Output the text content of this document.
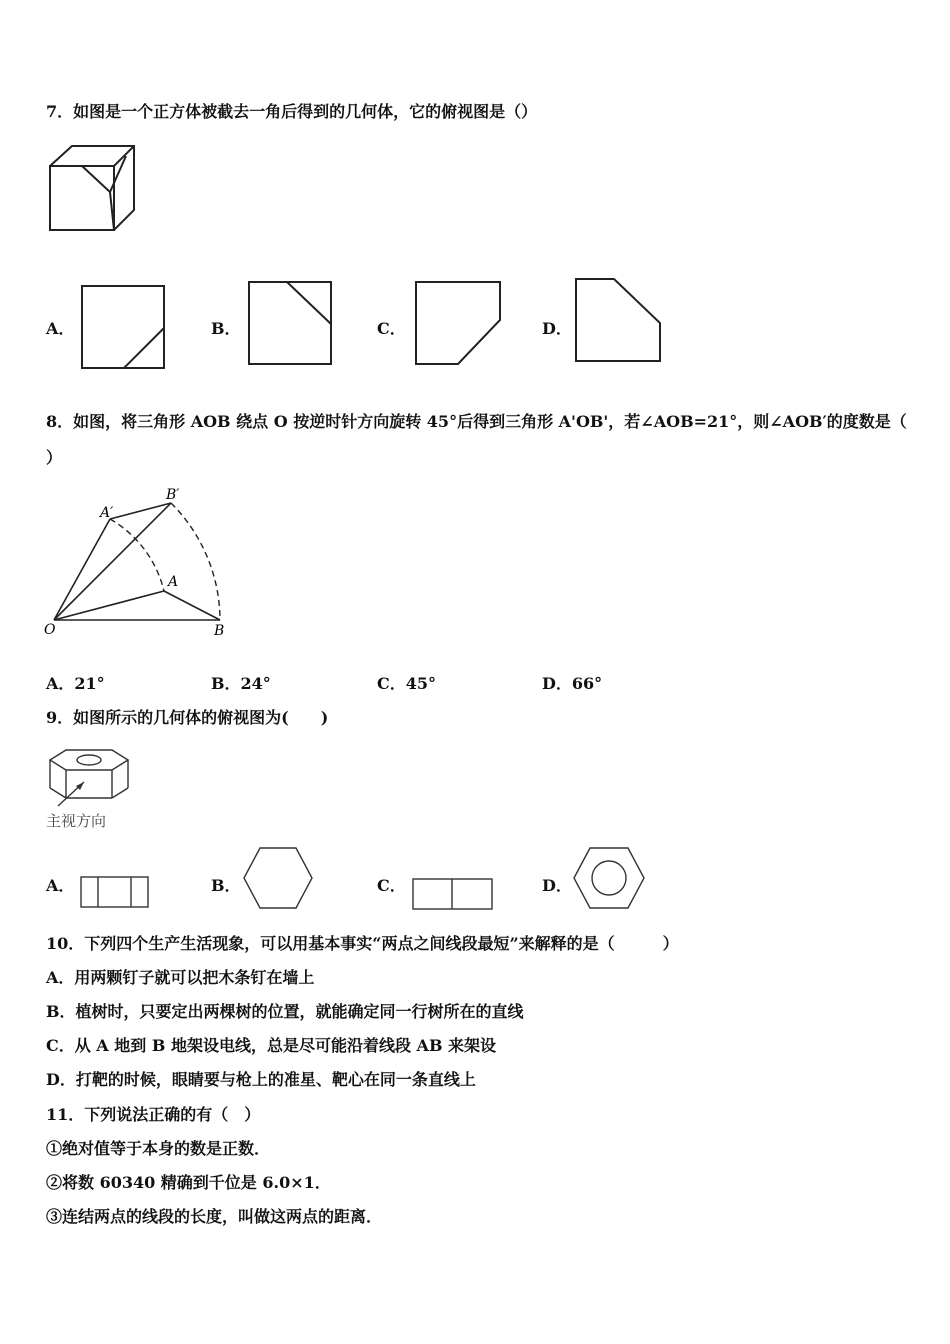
7．如图是一个正方体被截去一角后得到的几何体，它的俯视图是（）
A．	B．	C．	D．
8．如图，将三角形 AOB 绕点 O 按逆时针方向旋转 45°后得到三角形 A'OB'，若∠AOB=21°，则∠AOB′的度数是（
）
O
A
B
A′
B′
A．21°	B．24°	C．45°	D．66°
9．如图所示的几何体的俯视图为(　　)
主视方向
A．	B．	C．	D．
10．下列四个生产生活现象，可以用基本事实“两点之间线段最短”来解释的是（　　　）
A．用两颗钉子就可以把木条钉在墙上
B．植树时，只要定出两棵树的位置，就能确定同一行树所在的直线
C．从 A 地到 B 地架设电线，总是尽可能沿着线段 AB 来架设
D．打靶的时候，眼睛要与枪上的准星、靶心在同一条直线上
11．下列说法正确的有（　）
①绝对值等于本身的数是正数．
②将数 60340 精确到千位是 6.0×1．
③连结两点的线段的长度，叫做这两点的距离．
